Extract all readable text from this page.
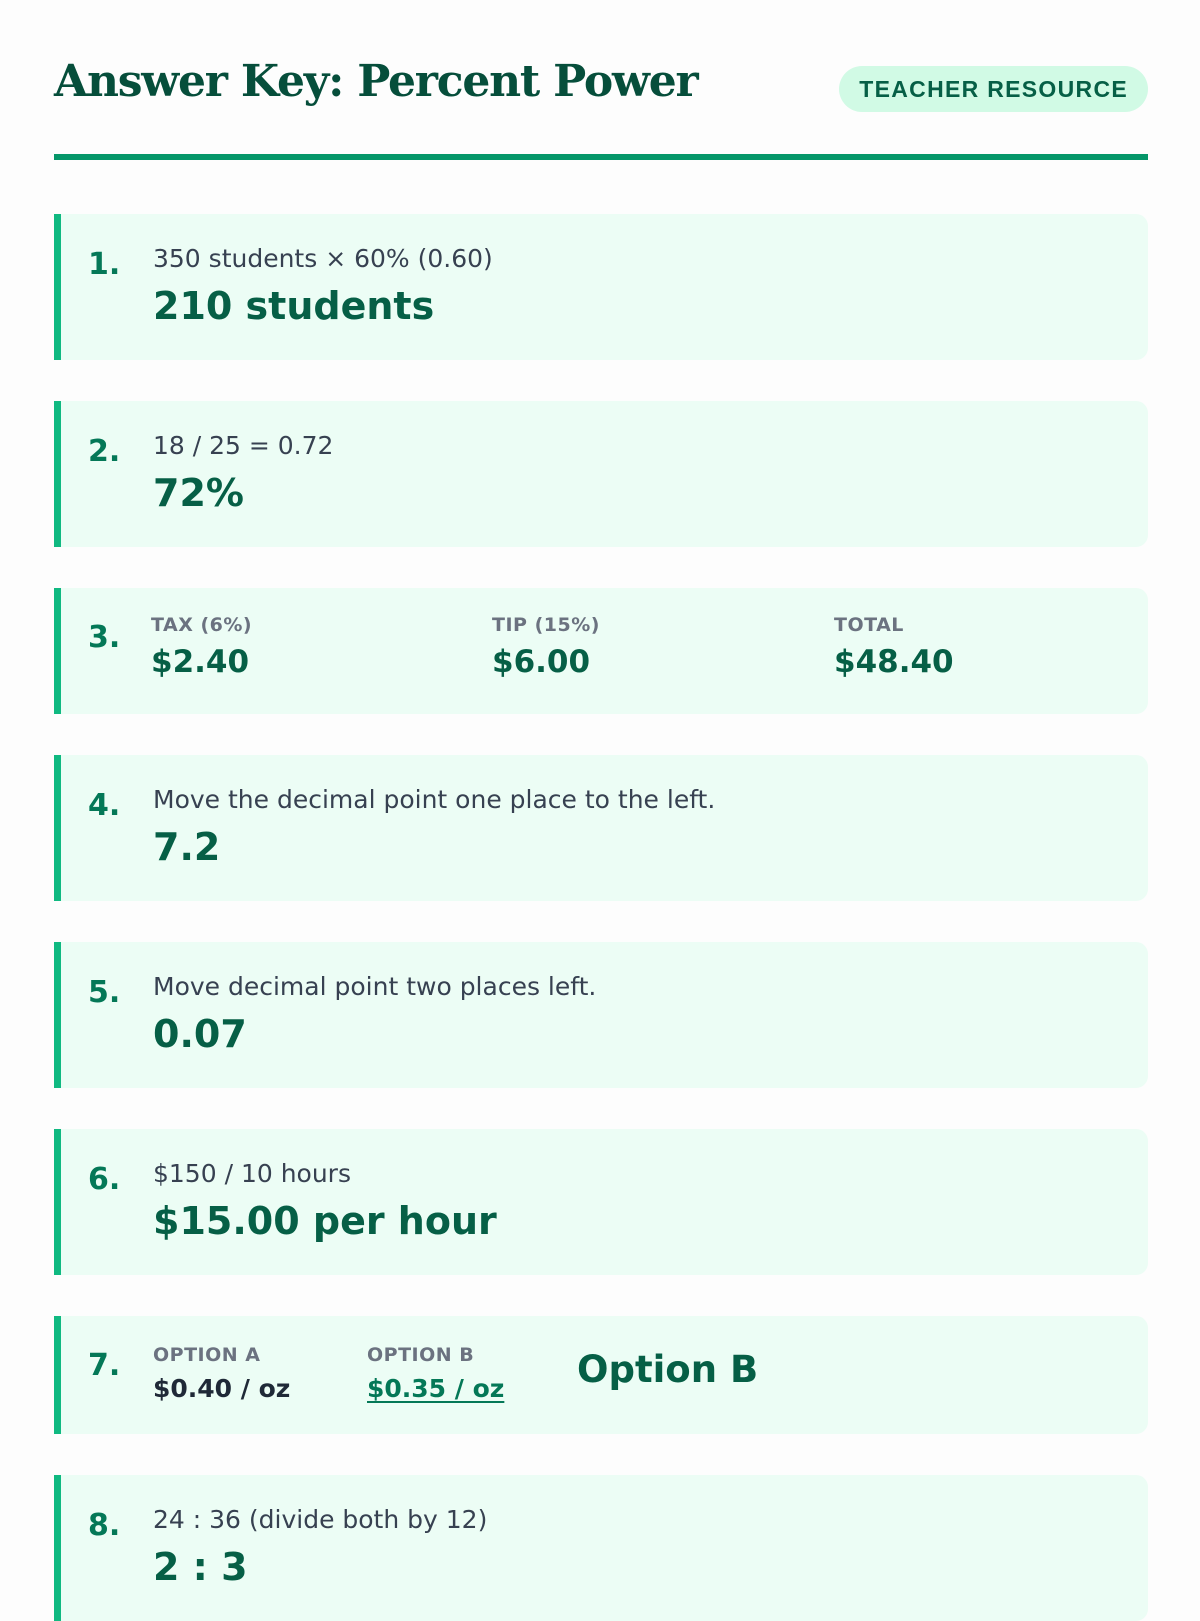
Answer Key: Percent Power	TEACHER RESOURCE
1. 350 students × 60% (0.60)
210 students
2. 18 / 25 = 0.72
72%
3. TAX (6%)
$2.40
TIP (15%)
$6.00
TOTAL
$48.40
4. Move the decimal point one place to the left.
7.2
5. Move decimal point two places left.
0.07
6. $150 / 10 hours
$15.00 per hour
7. OPTION A
$0.40 / oz
OPTION B
$0.35 / oz Option B
8. 24 : 36 (divide both by 12)
2 : 3
